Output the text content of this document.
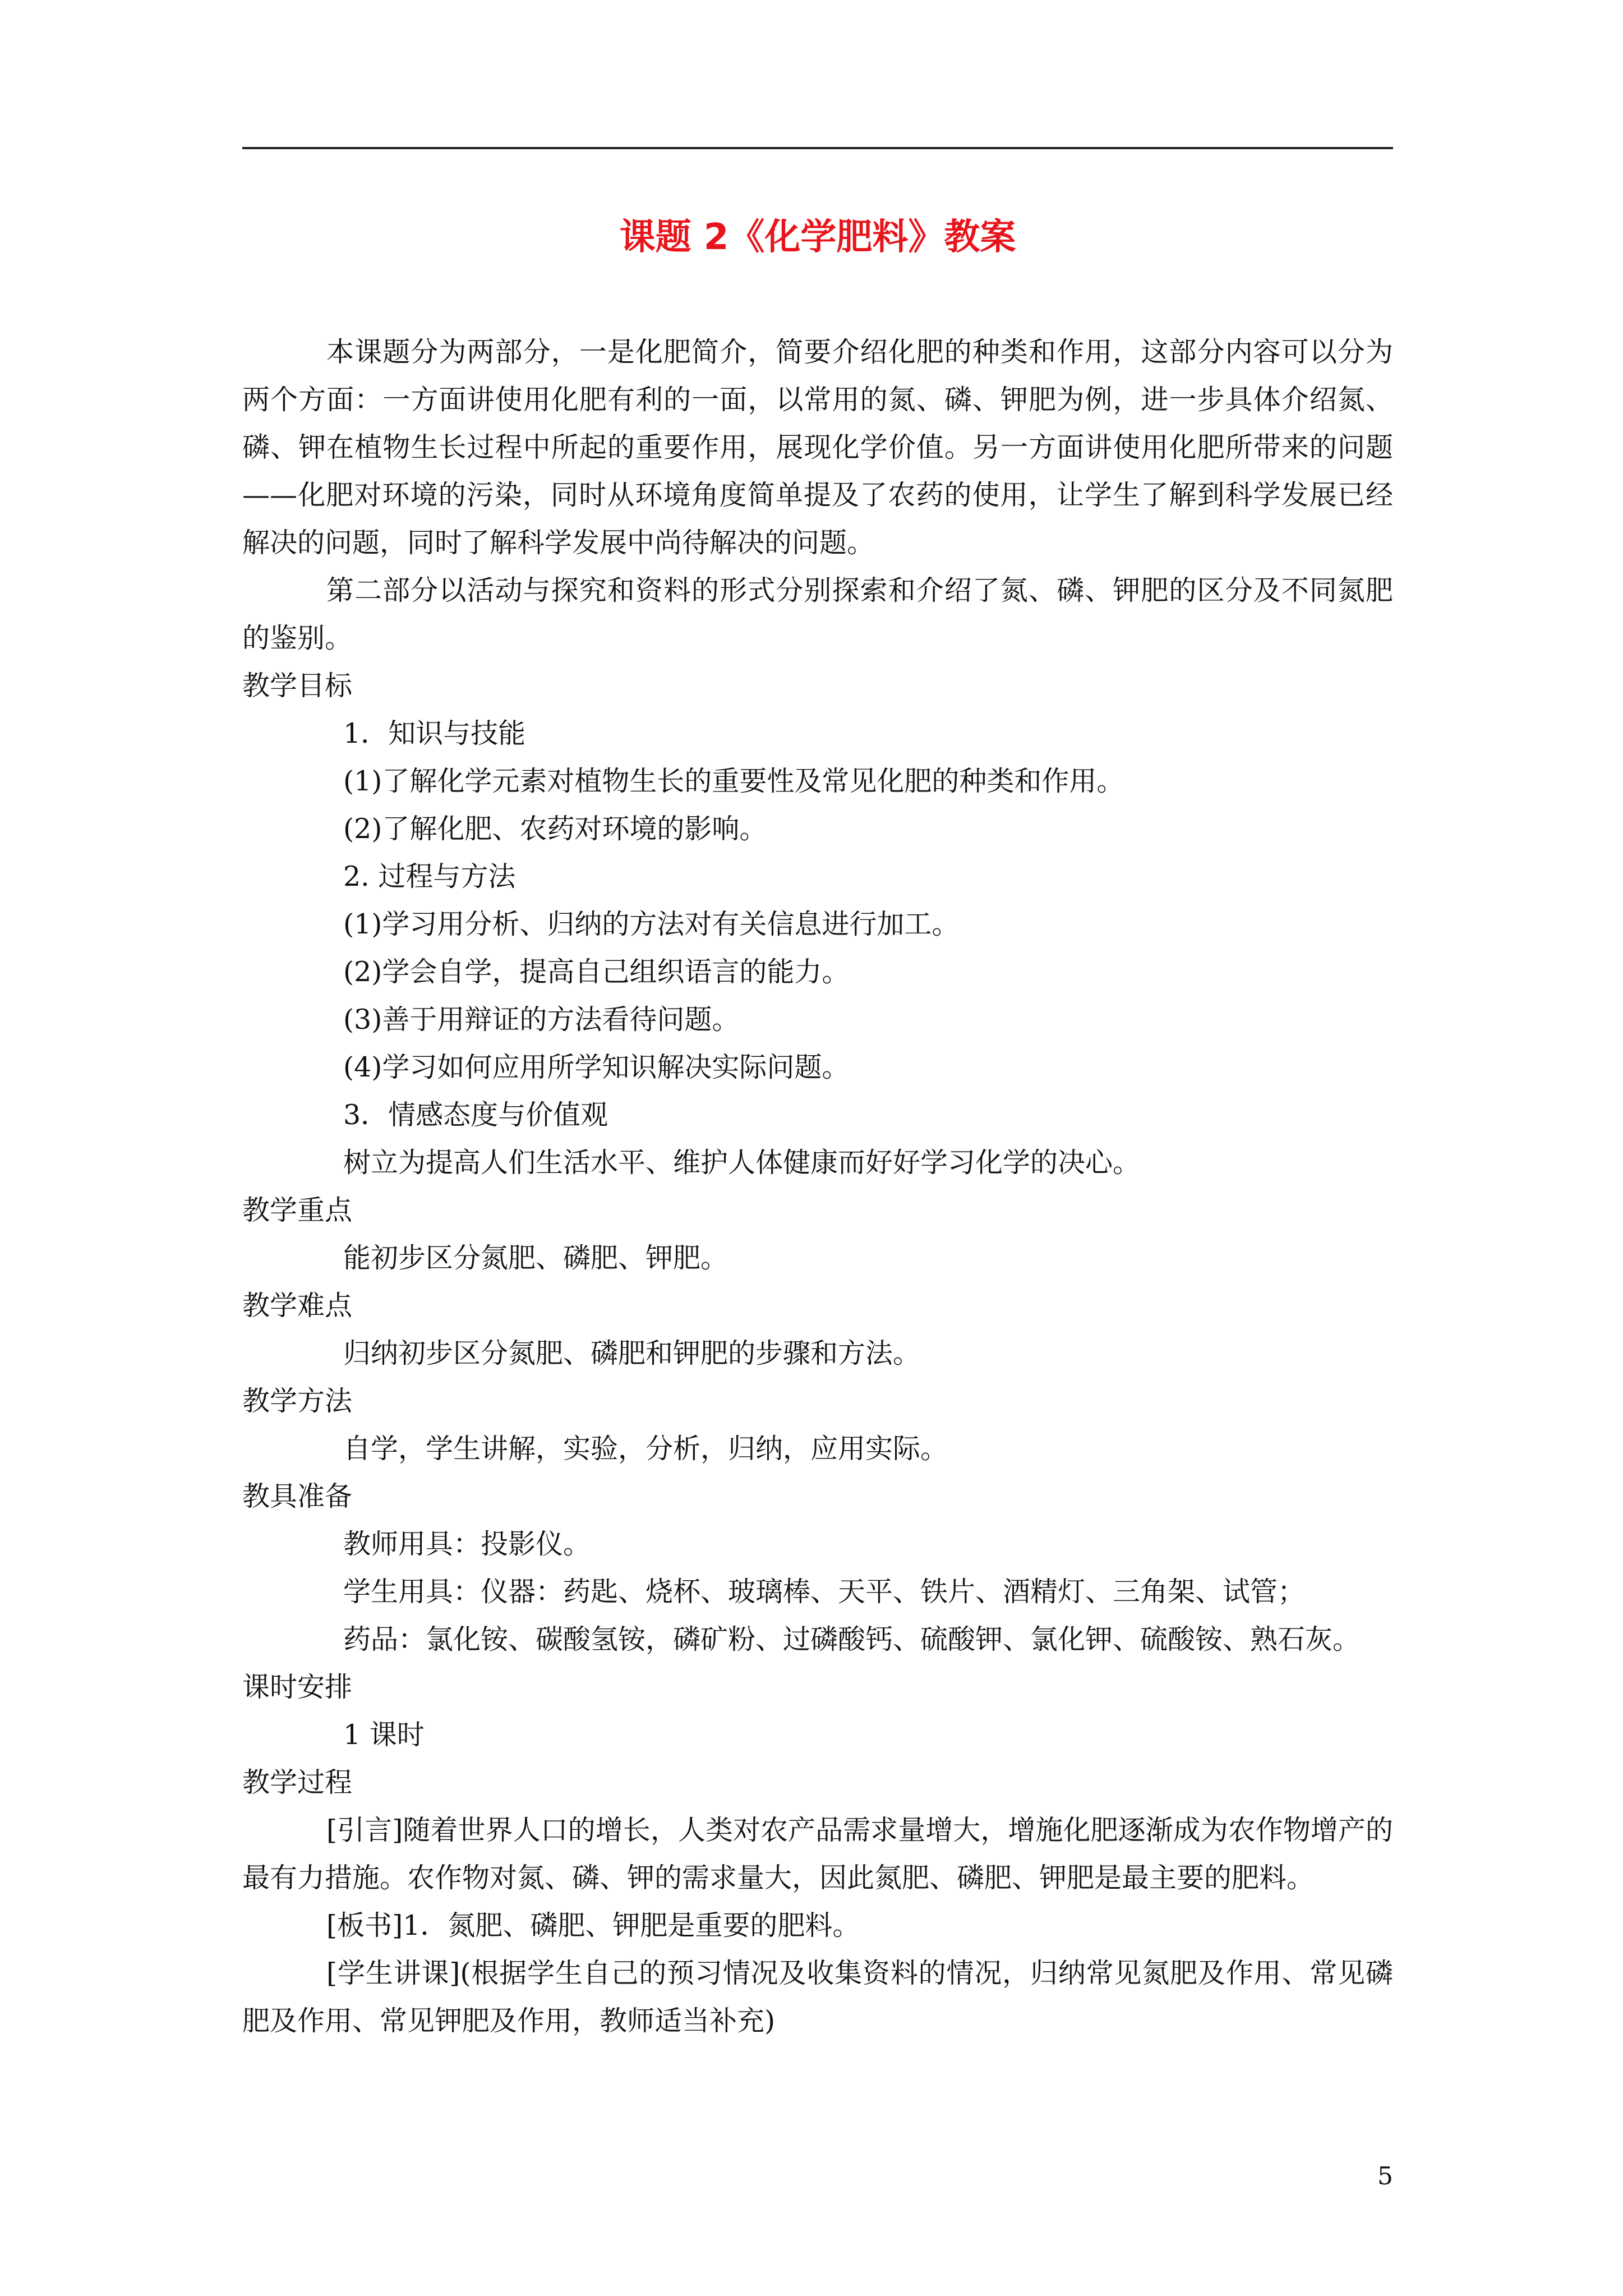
课题 2《化学肥料》教案

本课题分为两部分，一是化肥简介，简要介绍化肥的种类和作用，这部分内容可以分为两个方面：一方面讲使用化肥有利的一面，以常用的氮、磷、钾肥为例，进一步具体介绍氮、磷、钾在植物生长过程中所起的重要作用，展现化学价值。另一方面讲使用化肥所带来的问题——化肥对环境的污染，同时从环境角度简单提及了农药的使用，让学生了解到科学发展已经解决的问题，同时了解科学发展中尚待解决的问题。

第二部分以活动与探究和资料的形式分别探索和介绍了氮、磷、钾肥的区分及不同氮肥的鉴别。

教学目标

1．知识与技能

(1)了解化学元素对植物生长的重要性及常见化肥的种类和作用。

(2)了解化肥、农药对环境的影响。

2. 过程与方法

(1)学习用分析、归纳的方法对有关信息进行加工。

(2)学会自学，提高自己组织语言的能力。

(3)善于用辩证的方法看待问题。

(4)学习如何应用所学知识解决实际问题。

3．情感态度与价值观

树立为提高人们生活水平、维护人体健康而好好学习化学的决心。

教学重点

能初步区分氮肥、磷肥、钾肥。

教学难点

归纳初步区分氮肥、磷肥和钾肥的步骤和方法。

教学方法

自学，学生讲解，实验，分析，归纳，应用实际。

教具准备

教师用具：投影仪。

学生用具：仪器：药匙、烧杯、玻璃棒、天平、铁片、酒精灯、三角架、试管；

药品：氯化铵、碳酸氢铵，磷矿粉、过磷酸钙、硫酸钾、氯化钾、硫酸铵、熟石灰。

课时安排

1 课时

教学过程

[引言]随着世界人口的增长，人类对农产品需求量增大，增施化肥逐渐成为农作物增产的最有力措施。农作物对氮、磷、钾的需求量大，因此氮肥、磷肥、钾肥是最主要的肥料。

[板书]1．氮肥、磷肥、钾肥是重要的肥料。

[学生讲课](根据学生自己的预习情况及收集资料的情况，归纳常见氮肥及作用、常见磷肥及作用、常见钾肥及作用，教师适当补充)

5
